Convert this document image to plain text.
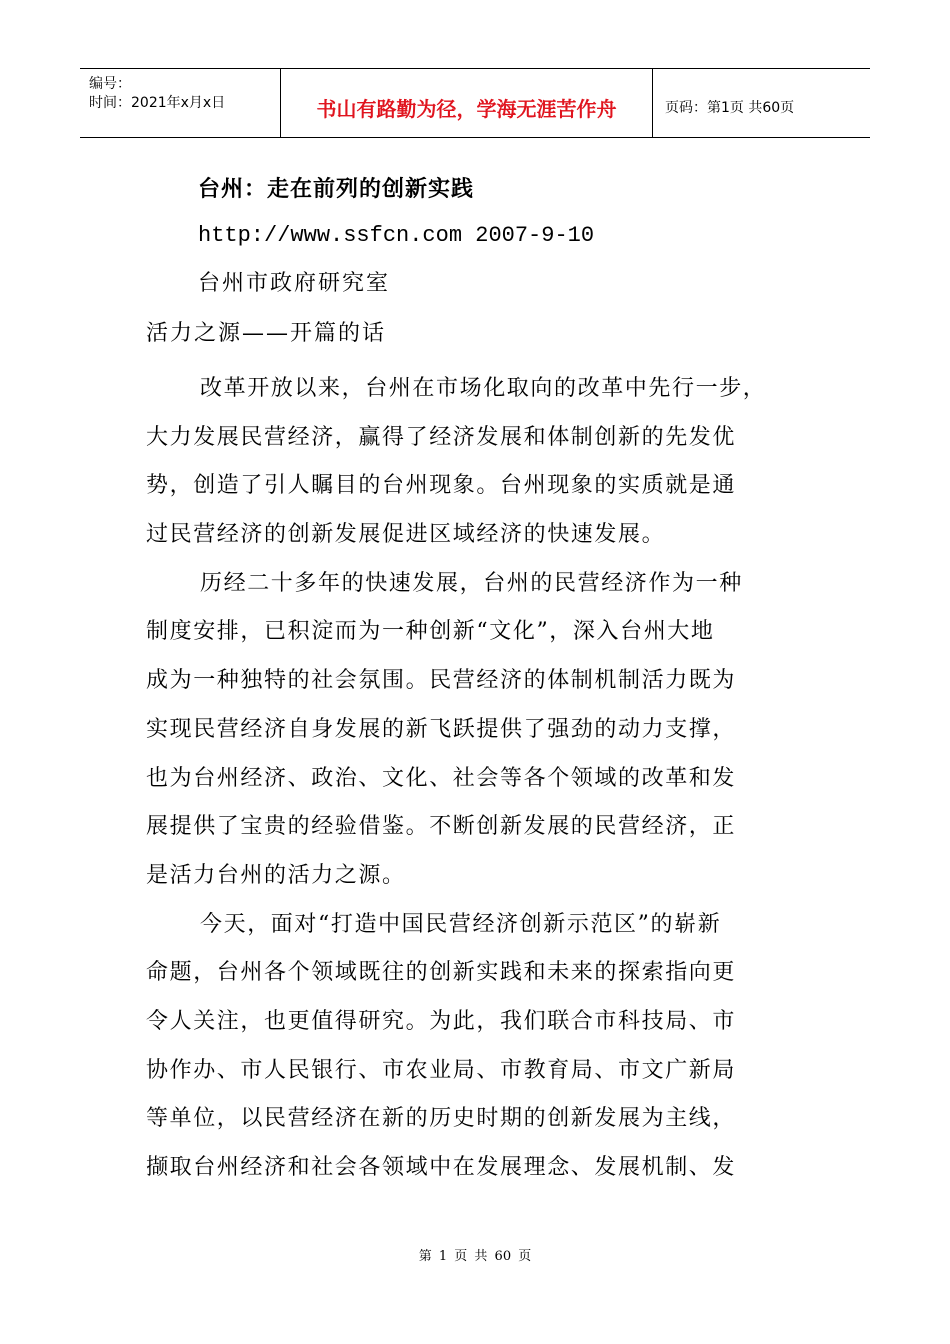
编号：
时间：2021年x月x日	书山有路勤为径，学海无涯苦作舟	页码：第1页 共60页
台州：走在前列的创新实践
http://www.ssfcn.com 2007-9-10
台州市政府研究室
活力之源——开篇的话
改革开放以来，台州在市场化取向的改革中先行一步，
大力发展民营经济，赢得了经济发展和体制创新的先发优
势，创造了引人瞩目的台州现象。台州现象的实质就是通
过民营经济的创新发展促进区域经济的快速发展。
历经二十多年的快速发展，台州的民营经济作为一种
制度安排，已积淀而为一种创新“文化”，深入台州大地
成为一种独特的社会氛围。民营经济的体制机制活力既为
实现民营经济自身发展的新飞跃提供了强劲的动力支撑，
也为台州经济、政治、文化、社会等各个领域的改革和发
展提供了宝贵的经验借鉴。不断创新发展的民营经济，正
是活力台州的活力之源。
今天，面对“打造中国民营经济创新示范区”的崭新
命题，台州各个领域既往的创新实践和未来的探索指向更
令人关注，也更值得研究。为此，我们联合市科技局、市
协作办、市人民银行、市农业局、市教育局、市文广新局
等单位，以民营经济在新的历史时期的创新发展为主线，
撷取台州经济和社会各领域中在发展理念、发展机制、发
第 1 页 共 60 页
